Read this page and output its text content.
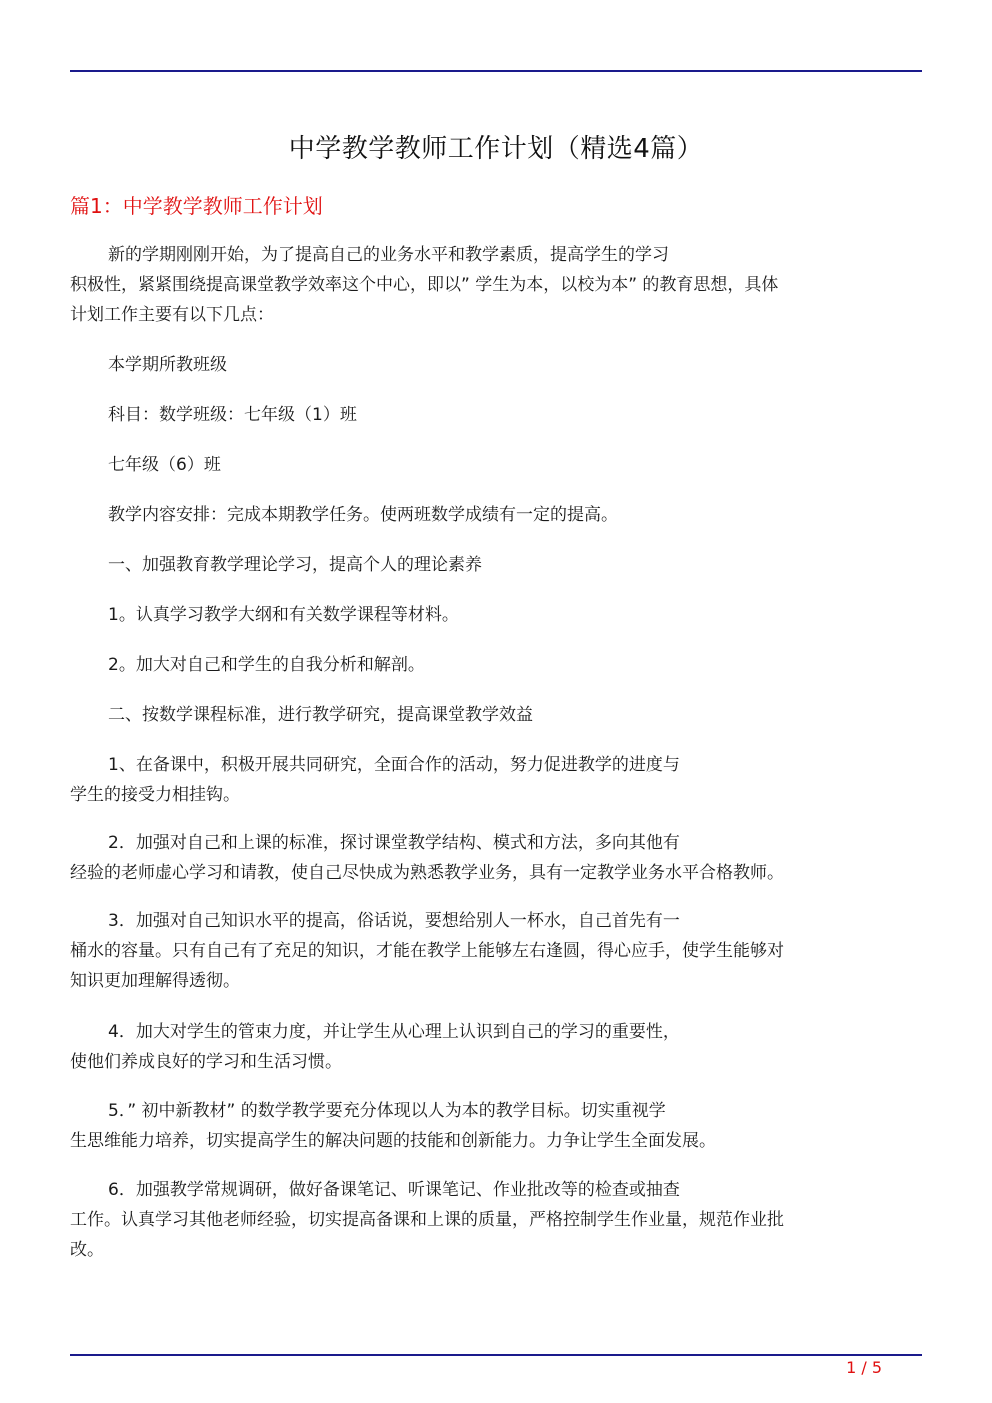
中学教学教师工作计划（精选4篇）
篇1：中学教学教师工作计划
新的学期刚刚开始，为了提高自己的业务水平和教学素质，提高学生的学习
积极性，紧紧围绕提高课堂教学效率这个中心，即以” 学生为本，以校为本” 的教育思想，具体
计划工作主要有以下几点：
本学期所教班级
科目：数学班级：七年级（1）班
七年级（6）班
教学内容安排：完成本期教学任务。使两班数学成绩有一定的提高。
一、加强教育教学理论学习，提高个人的理论素养
1。认真学习教学大纲和有关数学课程等材料。
2。加大对自己和学生的自我分析和解剖。
二、按数学课程标准，进行教学研究，提高课堂教学效益
1、在备课中，积极开展共同研究，全面合作的活动，努力促进教学的进度与
学生的接受力相挂钩。
2．加强对自己和上课的标准，探讨课堂教学结构、模式和方法，多向其他有
经验的老师虚心学习和请教，使自己尽快成为熟悉教学业务，具有一定教学业务水平合格教师。
3．加强对自己知识水平的提高，俗话说，要想给别人一杯水，自己首先有一
桶水的容量。只有自己有了充足的知识，才能在教学上能够左右逢圆，得心应手，使学生能够对
知识更加理解得透彻。
4．加大对学生的管束力度，并让学生从心理上认识到自己的学习的重要性，
使他们养成良好的学习和生活习惯。
5．” 初中新教材” 的数学教学要充分体现以人为本的教学目标。切实重视学
生思维能力培养，切实提高学生的解决问题的技能和创新能力。力争让学生全面发展。
6．加强教学常规调研，做好备课笔记、听课笔记、作业批改等的检查或抽查
工作。认真学习其他老师经验，切实提高备课和上课的质量，严格控制学生作业量，规范作业批
改。
1 / 5
